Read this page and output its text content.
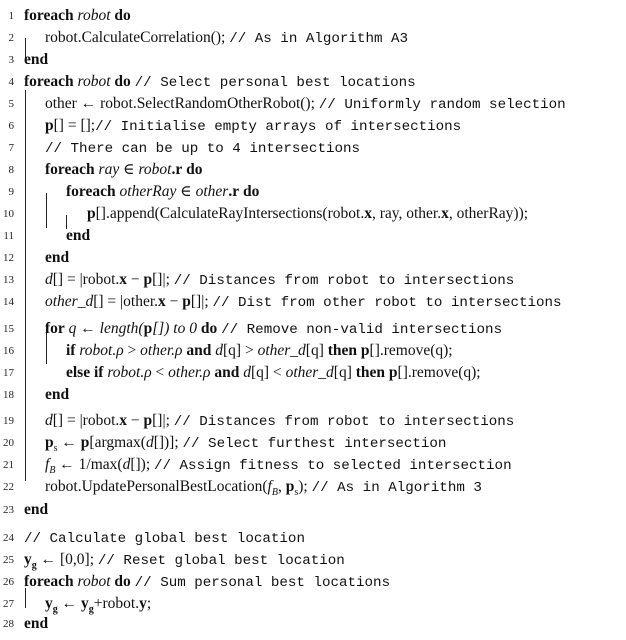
1 foreach robot do
2 robot.CalculateCorrelation(); // As in Algorithm A3
3 end
4 foreach robot do // Select personal best locations
5 other ← robot.SelectRandomOtherRobot(); // Uniformly random selection
6 p[] = [];// Initialise empty arrays of intersections
7 // There can be up to 4 intersections
8 foreach ray ∈ robot.r do
9	foreach otherRay ∈ other.r do
10	p[].append(CalculateRayIntersections(robot.x, ray, other.x, otherRay));
11	end
12 end
13 d[] = |robot.x − p[]|; // Distances from robot to intersections
14 other_d[] = |other.x − p[]|; // Dist from other robot to intersections
15 for q ← length(p[]) to 0 do // Remove non-valid intersections
16	if robot.ρ > other.ρ and d[q] > other_d[q] then p[].remove(q);
17	else if robot.ρ < other.ρ and d[q] < other_d[q] then p[].remove(q);
18 end
19 d[] = |robot.x − p[]|; // Distances from robot to intersections
20 $p_s$ ← p[argmax(d[])]; // Select furthest intersection
21 $f_B$ ← 1/max(d[]); // Assign fitness to selected intersection
22 $robot.UpdatePersonalBestLocation(f_B$, $p_s$); // As in Algorithm 3
23 end
24 // Calculate global best location
25 $y_g$ ← [0,0]; // Reset global best location
26 foreach robot do // Sum personal best locations
27 $y_g$ ← $y_g+robot.y$;
28 end
